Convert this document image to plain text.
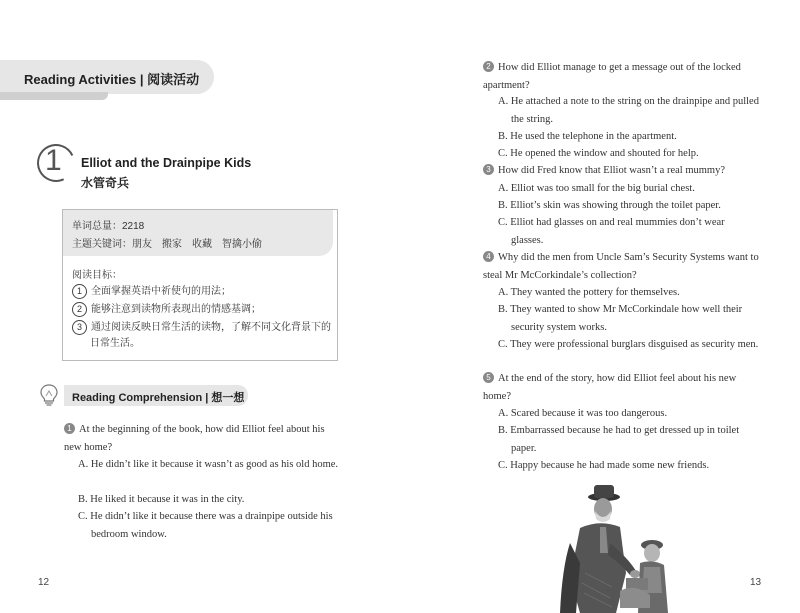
Reading Activities | 阅读活动
1 Elliot and the Drainpipe Kids
水管奇兵
单词总量：2218
主题关键词：朋友　搬家　收藏　智擒小偷
阅读目标：
1 全面掌握英语中祈使句的用法；
2 能够注意到读物所表现出的情感基调；
3 通过阅读反映日常生活的读物，了解不同文化背景下的日常生活。
Reading Comprehension | 想一想
1 At the beginning of the book, how did Elliot feel about his new home?
A. He didn’t like it because it wasn’t as good as his old home.
B. He liked it because it was in the city.
C. He didn’t like it because there was a drainpipe outside his bedroom window.
12
2 How did Elliot manage to get a message out of the locked apartment?
A. He attached a note to the string on the drainpipe and pulled the string.
B. He used the telephone in the apartment.
C. He opened the window and shouted for help.
3 How did Fred know that Elliot wasn’t a real mummy?
A. Elliot was too small for the big burial chest.
B. Elliot’s skin was showing through the toilet paper.
C. Elliot had glasses on and real mummies don’t wear glasses.
4 Why did the men from Uncle Sam’s Security Systems want to steal Mr McCorkindale’s collection?
A. They wanted the pottery for themselves.
B. They wanted to show Mr McCorkindale how well their security system works.
C. They were professional burglars disguised as security men.
5 At the end of the story, how did Elliot feel about his new home?
A. Scared because it was too dangerous.
B. Embarrassed because he had to get dressed up in toilet paper.
C. Happy because he had made some new friends.
13
